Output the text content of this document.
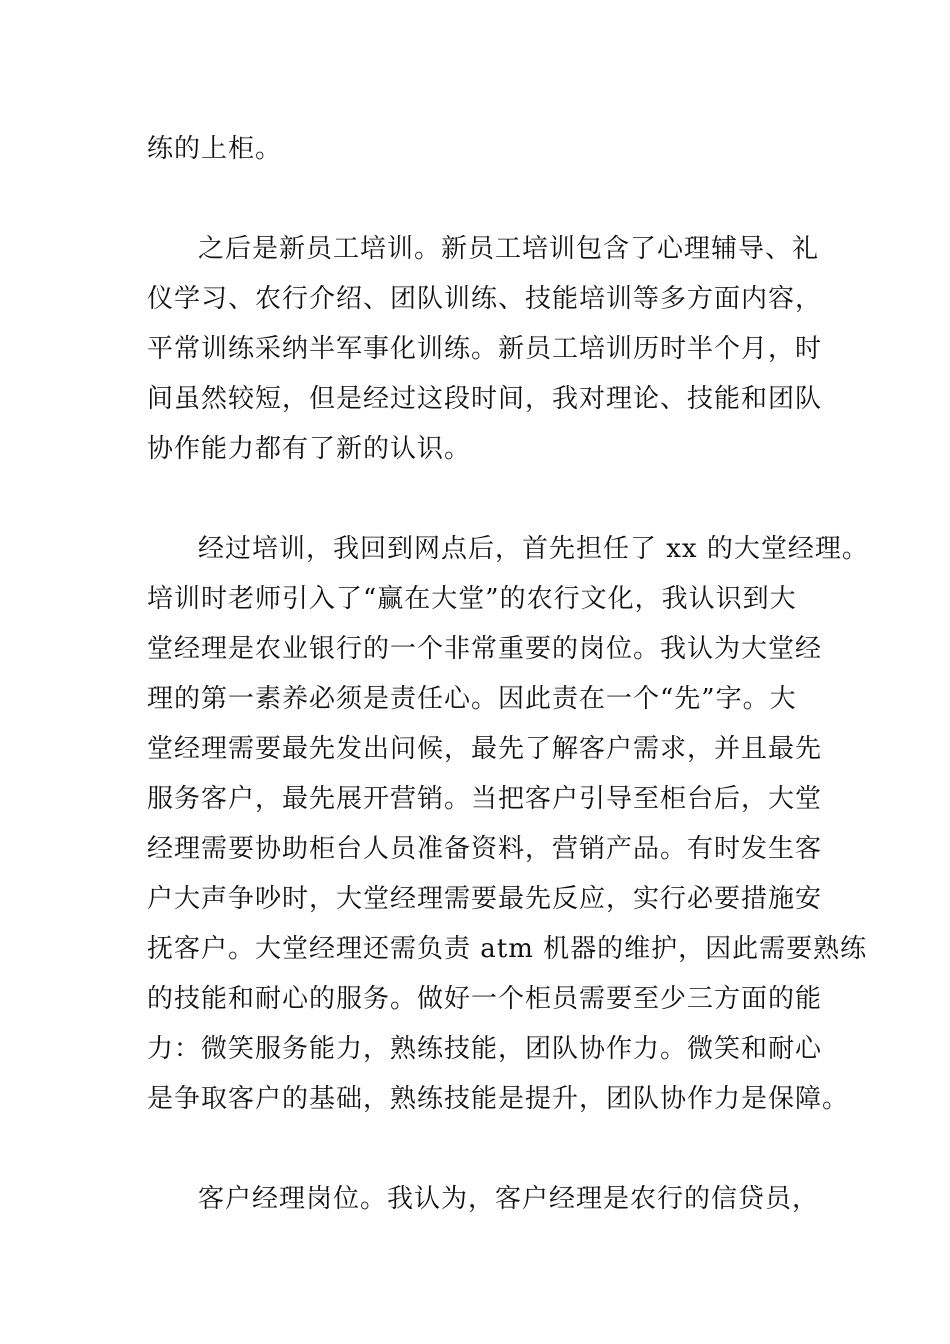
练的上柜。
之后是新员工培训。新员工培训包含了心理辅导、礼
仪学习、农行介绍、团队训练、技能培训等多方面内容，
平常训练采纳半军事化训练。新员工培训历时半个月，时
间虽然较短，但是经过这段时间，我对理论、技能和团队
协作能力都有了新的认识。
经过培训，我回到网点后，首先担任了 xx 的大堂经理。
培训时老师引入了“赢在大堂”的农行文化，我认识到大
堂经理是农业银行的一个非常重要的岗位。我认为大堂经
理的第一素养必须是责任心。因此责在一个“先”字。大
堂经理需要最先发出问候，最先了解客户需求，并且最先
服务客户，最先展开营销。当把客户引导至柜台后，大堂
经理需要协助柜台人员准备资料，营销产品。有时发生客
户大声争吵时，大堂经理需要最先反应，实行必要措施安
抚客户。大堂经理还需负责 atm 机器的维护，因此需要熟练
的技能和耐心的服务。做好一个柜员需要至少三方面的能
力：微笑服务能力，熟练技能，团队协作力。微笑和耐心
是争取客户的基础，熟练技能是提升，团队协作力是保障。
客户经理岗位。我认为，客户经理是农行的信贷员，
